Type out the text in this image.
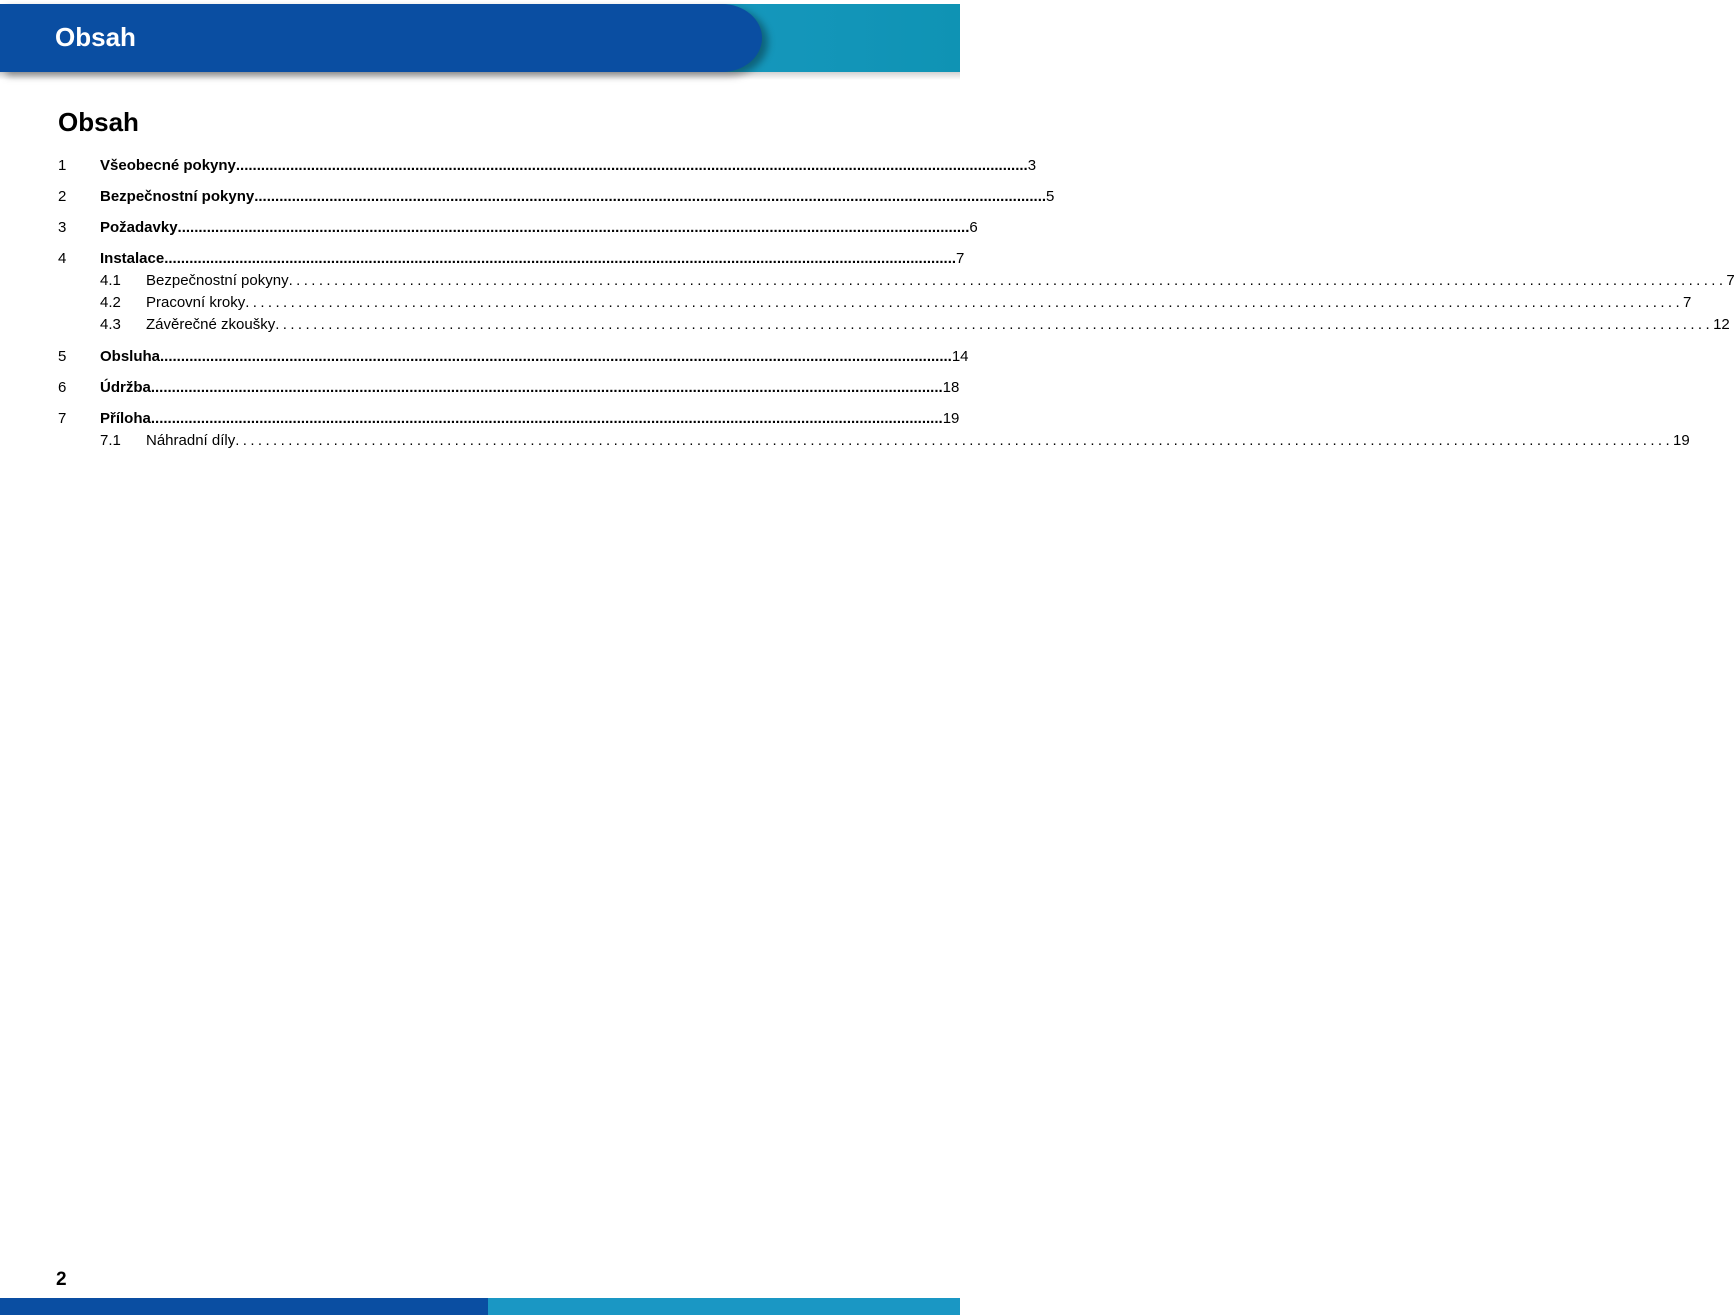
Obsah
Obsah
1 Všeobecné pokyny .............................................................................................................................................................................................. 3
2 Bezpečnostní pokyny .............................................................................................................................................................................................. 5
3 Požadavky .............................................................................................................................................................................................. 6
4 Instalace .............................................................................................................................................................................................. 7
4.1 Bezpečnostní pokyny .............................................................................................................................................................................................. 7
4.2 Pracovní kroky .............................................................................................................................................................................................. 7
4.3 Závěrečné zkoušky .............................................................................................................................................................................................. 12
5 Obsluha .............................................................................................................................................................................................. 14
6 Údržba .............................................................................................................................................................................................. 18
7 Příloha .............................................................................................................................................................................................. 19
7.1 Náhradní díly .............................................................................................................................................................................................. 19
2
